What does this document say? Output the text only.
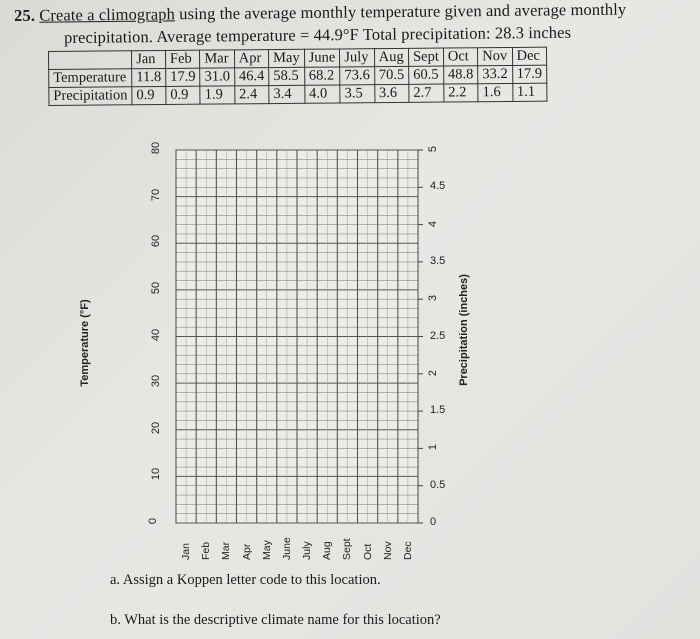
25. Create a climograph using the average monthly temperature given and average monthly
precipitation. Average temperature = 44.9°F Total precipitation: 28.3 inches
	Jan	Feb	Mar	Apr	May	June	July	Aug	Sept	Oct	Nov	Dec
Temperature	11.8	17.9	31.0	46.4	58.5	68.2	73.6	70.5	60.5	48.8	33.2	17.9
Precipitation	0.9	0.9	1.9	2.4	3.4	4.0	3.5	3.6	2.7	2.2	1.6	1.1
Temperature (°F)	Precipitation (inches)
0
10
20
30
40
50
60
70
80
0
0.5
1
1.5
2
2.5
3
3.5
4
4.5
5
Jan Feb Mar Apr May June July Aug Sept Oct Nov Dec
a. Assign a Koppen letter code to this location.
b. What is the descriptive climate name for this location?
